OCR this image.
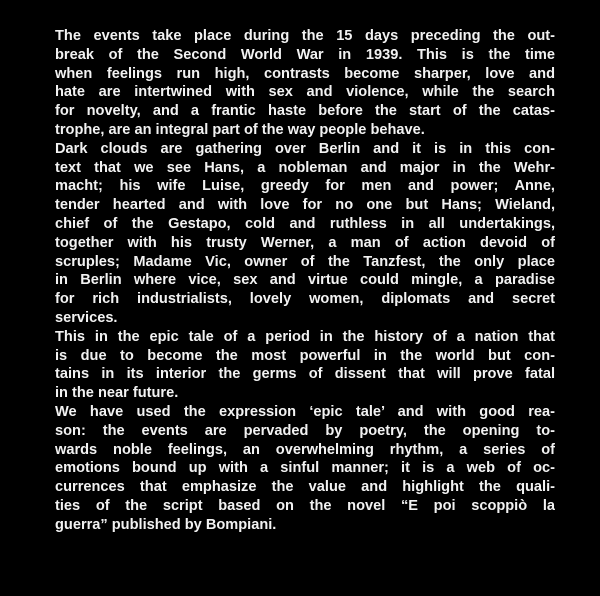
The events take place during the 15 days preceding the out-
break of the Second World War in 1939. This is the time
when feelings run high, contrasts become sharper, love and
hate are intertwined with sex and violence, while the search
for novelty, and a frantic haste before the start of the catas-
trophe, are an integral part of the way people behave.
Dark clouds are gathering over Berlin and it is in this con-
text that we see Hans, a nobleman and major in the Wehr-
macht; his wife Luise, greedy for men and power; Anne,
tender hearted and with love for no one but Hans; Wieland,
chief of the Gestapo, cold and ruthless in all undertakings,
together with his trusty Werner, a man of action devoid of
scruples; Madame Vic, owner of the Tanzfest, the only place
in Berlin where vice, sex and virtue could mingle, a paradise
for rich industrialists, lovely women, diplomats and secret
services.
This in the epic tale of a period in the history of a nation that
is due to become the most powerful in the world but con-
tains in its interior the germs of dissent that will prove fatal
in the near future.
We have used the expression ‘epic tale’ and with good rea-
son: the events are pervaded by poetry, the opening to-
wards noble feelings, an overwhelming rhythm, a series of
emotions bound up with a sinful manner; it is a web of oc-
currences that emphasize the value and highlight the quali-
ties of the script based on the novel “E poi scoppiò la
guerra” published by Bompiani.
